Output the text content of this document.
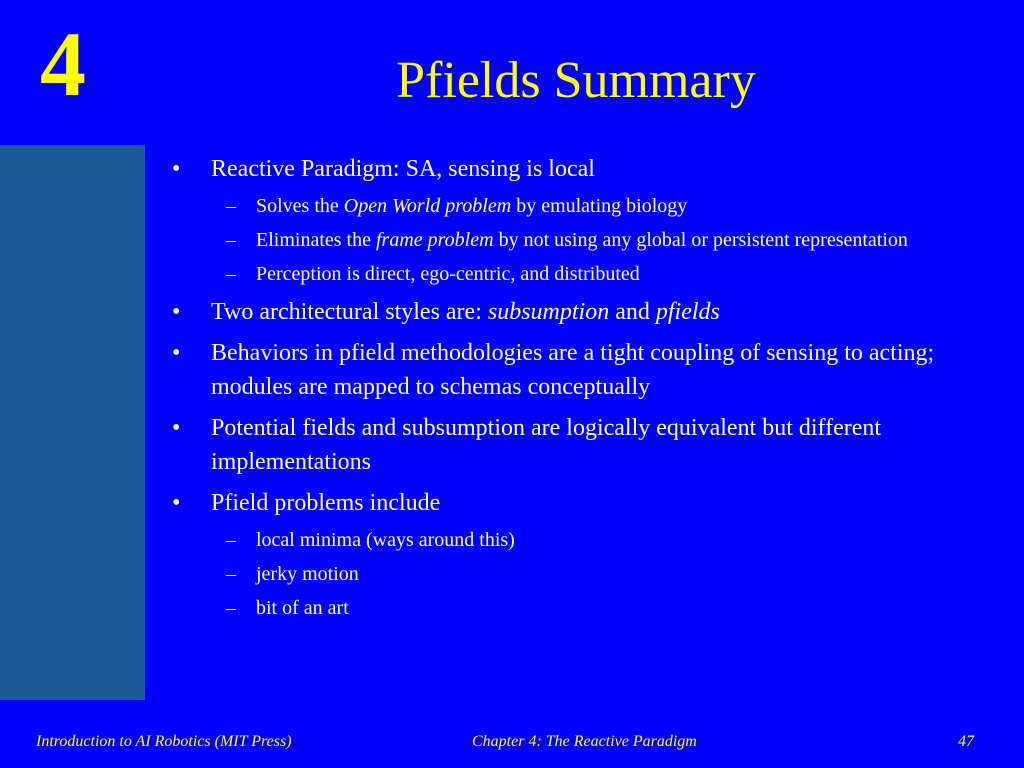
4	Pfields Summary
• Reactive Paradigm: SA, sensing is local
– Solves the Open World problem by emulating biology
– Eliminates the frame problem by not using any global or persistent representation
– Perception is direct, ego-centric, and distributed
• Two architectural styles are: subsumption and pfields
• Behaviors in pfield methodologies are a tight coupling of sensing to acting; modules are mapped to schemas conceptually
• Potential fields and subsumption are logically equivalent but different implementations
• Pfield problems include
– local minima (ways around this)
– jerky motion
– bit of an art
Introduction to AI Robotics (MIT Press)	Chapter 4: The Reactive Paradigm	47
